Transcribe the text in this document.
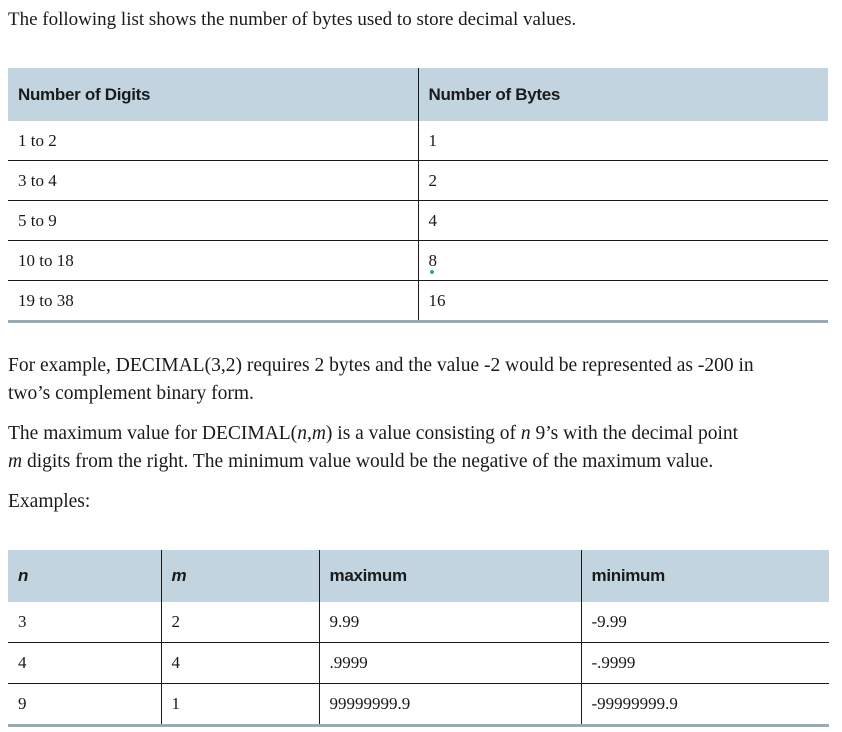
The following list shows the number of bytes used to store decimal values.

Number of Digits	Number of Bytes
1 to 2	1
3 to 4	2
5 to 9	4
10 to 18	8
19 to 38	16

For example, DECIMAL(3,2) requires 2 bytes and the value -2 would be represented as -200 in
two’s complement binary form.

The maximum value for DECIMAL(n,m) is a value consisting of n 9’s with the decimal point
m digits from the right. The minimum value would be the negative of the maximum value.

Examples:

n	m	maximum	minimum
3	2	9.99	-9.99
4	4	.9999	-.9999
9	1	99999999.9	-99999999.9
